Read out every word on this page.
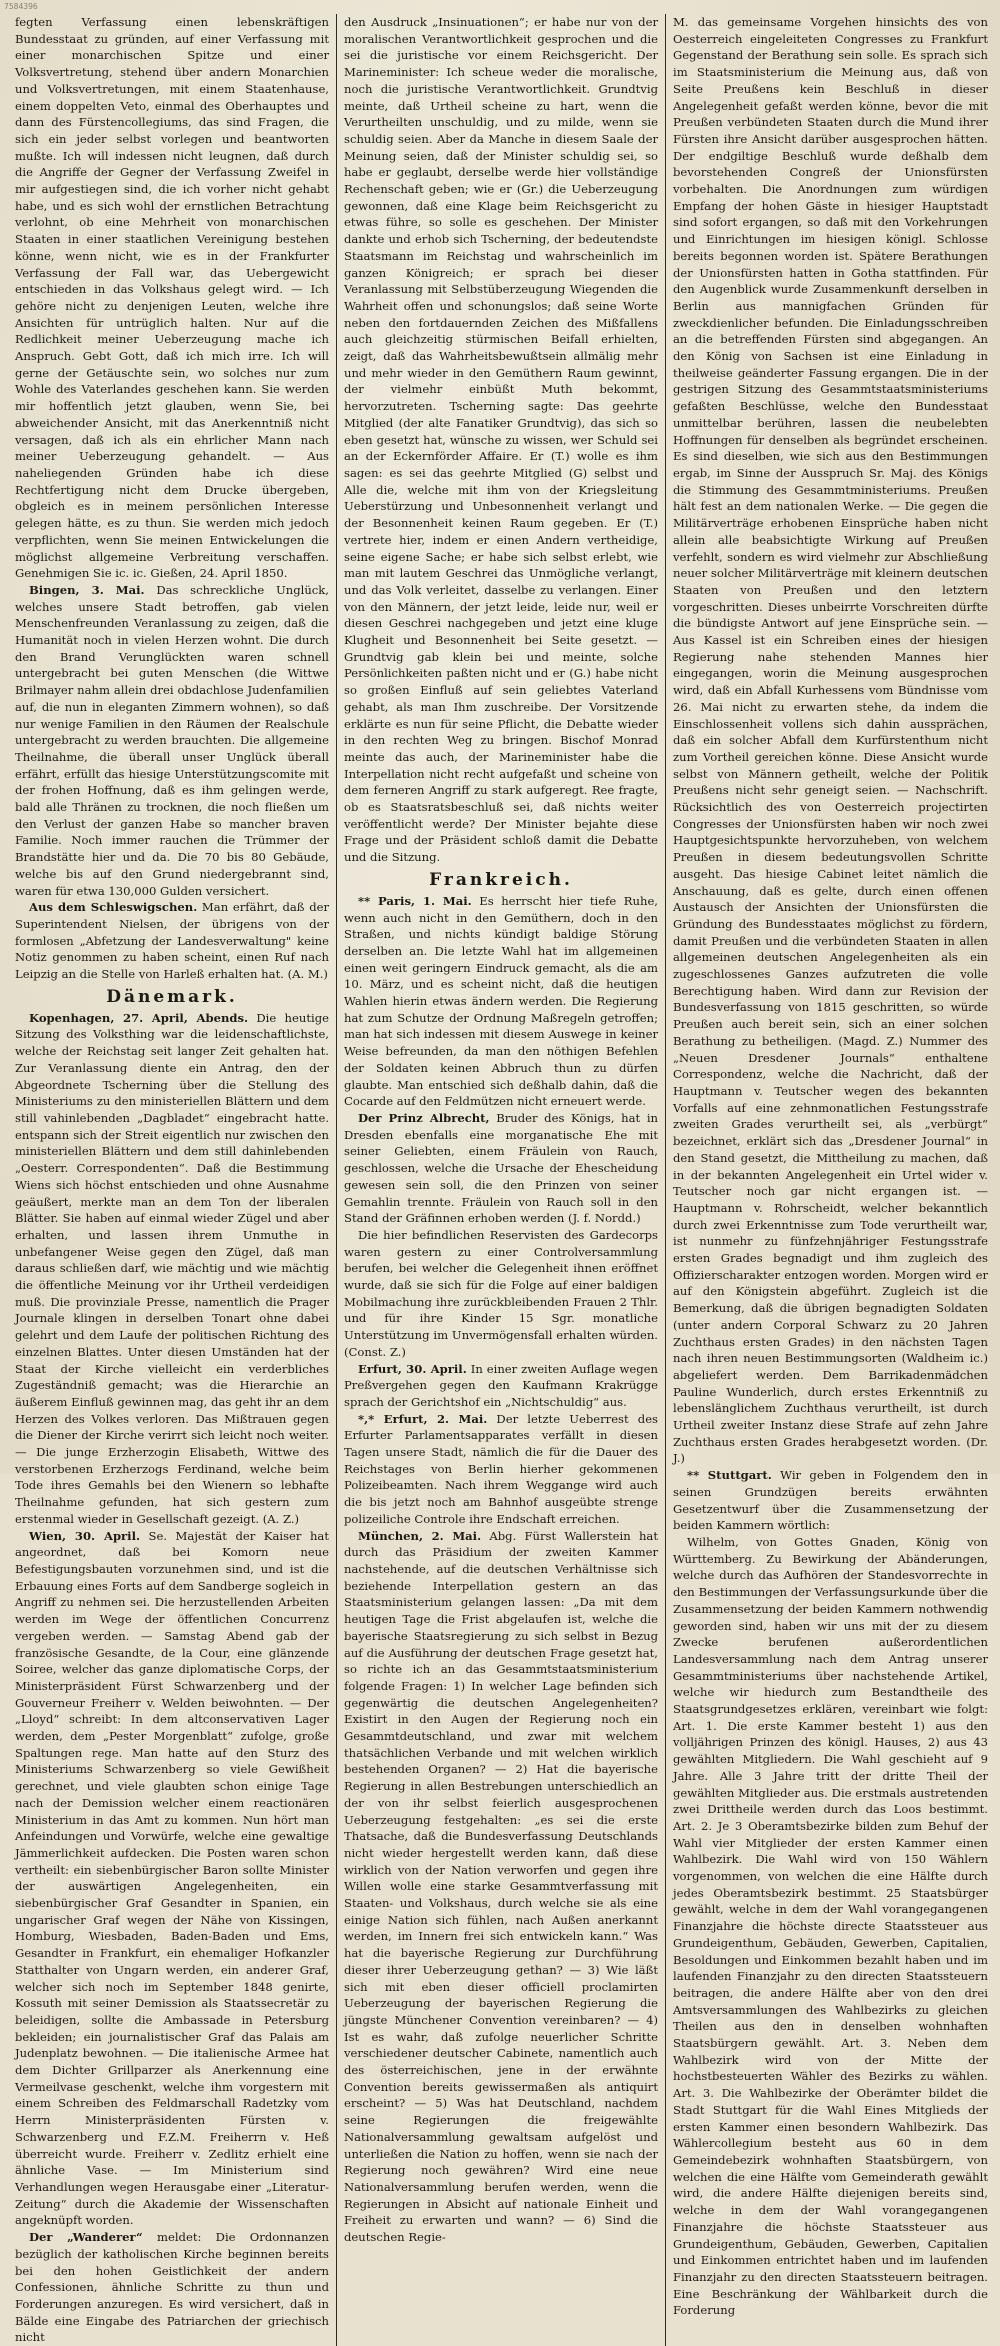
7584396

fegten Verfassung einen lebenskräftigen Bundesstaat zu gründen, auf einer Verfassung mit einer monarchischen Spitze und einer Volksvertretung, stehend über andern Monarchien und Volksvertretungen, mit einem Staatenhause, einem doppelten Veto, einmal des Oberhauptes und dann des Fürstencollegiums, das sind Fragen, die sich ein jeder selbst vorlegen und beantworten mußte. Ich will indessen nicht leugnen, daß durch die Angriffe der Gegner der Verfassung Zweifel in mir aufgestiegen sind, die ich vorher nicht gehabt habe, und es sich wohl der ernstlichen Betrachtung verlohnt, ob eine Mehrheit von monarchischen Staaten in einer staatlichen Vereinigung bestehen könne, wenn nicht, wie es in der Frankfurter Verfassung der Fall war, das Uebergewicht entschieden in das Volkshaus gelegt wird. — Ich gehöre nicht zu denjenigen Leuten, welche ihre Ansichten für untrüglich halten. Nur auf die Redlichkeit meiner Ueberzeugung mache ich Anspruch. Gebt Gott, daß ich mich irre. Ich will gerne der Getäuschte sein, wo solches nur zum Wohle des Vaterlandes geschehen kann. Sie werden mir hoffentlich jetzt glauben, wenn Sie, bei abweichender Ansicht, mit das Anerkenntniß nicht versagen, daß ich als ein ehrlicher Mann nach meiner Ueberzeugung gehandelt. — Aus naheliegenden Gründen habe ich diese Rechtfertigung nicht dem Drucke übergeben, obgleich es in meinem persönlichen Interesse gelegen hätte, es zu thun. Sie werden mich jedoch verpflichten, wenn Sie meinen Entwickelungen die möglichst allgemeine Verbreitung verschaffen. Genehmigen Sie ic. ic. Gießen, 24. April 1850.

Bingen, 3. Mai. Das schreckliche Unglück, welches unsere Stadt betroffen, gab vielen Menschenfreunden Veranlassung zu zeigen, daß die Humanität noch in vielen Herzen wohnt. Die durch den Brand Verunglückten waren schnell untergebracht bei guten Menschen (die Wittwe Brilmayer nahm allein drei obdachlose Judenfamilien auf, die nun in eleganten Zimmern wohnen), so daß nur wenige Familien in den Räumen der Realschule untergebracht zu werden brauchten. Die allgemeine Theilnahme, die überall unser Unglück überall erfährt, erfüllt das hiesige Unterstützungscomite mit der frohen Hoffnung, daß es ihm gelingen werde, bald alle Thränen zu trocknen, die noch fließen um den Verlust der ganzen Habe so mancher braven Familie. Noch immer rauchen die Trümmer der Brandstätte hier und da. Die 70 bis 80 Gebäude, welche bis auf den Grund niedergebrannt sind, waren für etwa 130,000 Gulden versichert.

Aus dem Schleswigschen. Man erfährt, daß der Superintendent Nielsen, der übrigens von der formlosen „Abfetzung der Landesverwaltung" keine Notiz genommen zu haben scheint, einen Ruf nach Leipzig an die Stelle von Harleß erhalten hat. (A. M.)

Dänemark.

Kopenhagen, 27. April, Abends. Die heutige Sitzung des Volksthing war die leidenschaftlichste, welche der Reichstag seit langer Zeit gehalten hat. Zur Veranlassung diente ein Antrag, den der Abgeordnete Tscherning über die Stellung des Ministeriums zu den ministeriellen Blättern und dem still vahinlebenden „Dagbladet“ eingebracht hatte. entspann sich der Streit eigentlich nur zwischen den ministeriellen Blättern und dem still dahinlebenden „Oesterr. Correspondenten“. Daß die Bestimmung Wiens sich höchst entschieden und ohne Ausnahme geäußert, merkte man an dem Ton der liberalen Blätter. Sie haben auf einmal wieder Zügel und aber erhalten, und lassen ihrem Unmuthe in unbefangener Weise gegen den Zügel, daß man daraus schließen darf, wie mächtig und wie mächtig die öffentliche Meinung vor ihr Urtheil verdeidigen muß. Die provinziale Presse, namentlich die Prager Journale klingen in derselben Tonart ohne dabei gelehrt und dem Laufe der politischen Richtung des einzelnen Blattes. Unter diesen Umständen hat der Staat der Kirche vielleicht ein verderbliches Zugeständniß gemacht; was die Hierarchie an äußerem Einfluß gewinnen mag, das geht ihr an dem Herzen des Volkes verloren. Das Mißtrauen gegen die Diener der Kirche verirrt sich leicht noch weiter. — Die junge Erzherzogin Elisabeth, Wittwe des verstorbenen Erzherzogs Ferdinand, welche beim Tode ihres Gemahls bei den Wienern so lebhafte Theilnahme gefunden, hat sich gestern zum erstenmal wieder in Gesellschaft gezeigt. (A. Z.)

Wien, 30. April. Se. Majestät der Kaiser hat angeordnet, daß bei Komorn neue Befestigungsbauten vorzunehmen sind, und ist die Erbauung eines Forts auf dem Sandberge sogleich in Angriff zu nehmen sei. Die herzustellenden Arbeiten werden im Wege der öffentlichen Concurrenz vergeben werden. — Samstag Abend gab der französische Gesandte, de la Cour, eine glänzende Soiree, welcher das ganze diplomatische Corps, der Ministerpräsident Fürst Schwarzenberg und der Gouverneur Freiherr v. Welden beiwohnten. — Der „Lloyd“ schreibt: In dem altconservativen Lager werden, dem „Pester Morgenblatt“ zufolge, große Spaltungen rege. Man hatte auf den Sturz des Ministeriums Schwarzenberg so viele Gewißheit gerechnet, und viele glaubten schon einige Tage nach der Demission welcher einem reactionären Ministerium in das Amt zu kommen. Nun hört man Anfeindungen und Vorwürfe, welche eine gewaltige Jämmerlichkeit aufdecken. Die Posten waren schon vertheilt: ein siebenbürgischer Baron sollte Minister der auswärtigen Angelegenheiten, ein siebenbürgischer Graf Gesandter in Spanien, ein ungarischer Graf wegen der Nähe von Kissingen, Homburg, Wiesbaden, Baden-Baden und Ems, Gesandter in Frankfurt, ein ehemaliger Hofkanzler Statthalter von Ungarn werden, ein anderer Graf, welcher sich noch im September 1848 genirte, Kossuth mit seiner Demission als Staatssecretär zu beleidigen, sollte die Ambassade in Petersburg bekleiden; ein journalistischer Graf das Palais am Judenplatz bewohnen. — Die italienische Armee hat dem Dichter Grillparzer als Anerkennung eine Vermeilvase geschenkt, welche ihm vorgestern mit einem Schreiben des Feldmarschall Radetzky vom Herrn Ministerpräsidenten Fürsten v. Schwarzenberg und F.Z.M. Freiherrn v. Heß überreicht wurde. Freiherr v. Zedlitz erhielt eine ähnliche Vase. — Im Ministerium sind Verhandlungen wegen Herausgabe einer „Literatur-Zeitung“ durch die Akademie der Wissenschaften angeknüpft worden.

Der „Wanderer“ meldet: Die Ordonnanzen bezüglich der katholischen Kirche beginnen bereits bei den hohen Geistlichkeit der andern Confessionen, ähnliche Schritte zu thun und Forderungen anzuregen. Es wird versichert, daß in Bälde eine Eingabe des Patriarchen der griechisch nicht

den Ausdruck „Insinuationen“; er habe nur von der moralischen Verantwortlichkeit gesprochen und die sei die juristische vor einem Reichsgericht. Der Marineminister: Ich scheue weder die moralische, noch die juristische Verantwortlichkeit. Grundtvig meinte, daß Urtheil scheine zu hart, wenn die Verurtheilten unschuldig, und zu milde, wenn sie schuldig seien. Aber da Manche in diesem Saale der Meinung seien, daß der Minister schuldig sei, so habe er geglaubt, derselbe werde hier vollständige Rechenschaft geben; wie er (Gr.) die Ueberzeugung gewonnen, daß eine Klage beim Reichsgericht zu etwas führe, so solle es geschehen. Der Minister dankte und erhob sich Tscherning, der bedeutendste Staatsmann im Reichstag und wahrscheinlich im ganzen Königreich; er sprach bei dieser Veranlassung mit Selbstüberzeugung Wiegenden die Wahrheit offen und schonungslos; daß seine Worte neben den fortdauernden Zeichen des Mißfallens auch gleichzeitig stürmischen Beifall erhielten, zeigt, daß das Wahrheitsbewußtsein allmälig mehr und mehr wieder in den Gemüthern Raum gewinnt, der vielmehr einbüßt Muth bekommt, hervorzutreten. Tscherning sagte: Das geehrte Mitglied (der alte Fanatiker Grundtvig), das sich so eben gesetzt hat, wünsche zu wissen, wer Schuld sei an der Eckernförder Affaire. Er (T.) wolle es ihm sagen: es sei das geehrte Mitglied (G) selbst und Alle die, welche mit ihm von der Kriegsleitung Ueberstürzung und Unbesonnenheit verlangt und der Besonnenheit keinen Raum gegeben. Er (T.) vertrete hier, indem er einen Andern vertheidige, seine eigene Sache; er habe sich selbst erlebt, wie man mit lautem Geschrei das Unmögliche verlangt, und das Volk verleitet, dasselbe zu verlangen. Einer von den Männern, der jetzt leide, leide nur, weil er diesen Geschrei nachgegeben und jetzt eine kluge Klugheit und Besonnenheit bei Seite gesetzt. — Grundtvig gab klein bei und meinte, solche Persönlichkeiten paßten nicht und er (G.) habe nicht so großen Einfluß auf sein geliebtes Vaterland gehabt, als man Ihm zuschreibe. Der Vorsitzende erklärte es nun für seine Pflicht, die Debatte wieder in den rechten Weg zu bringen. Bischof Monrad meinte das auch, der Marineminister habe die Interpellation nicht recht aufgefaßt und scheine von dem ferneren Angriff zu stark aufgeregt. Ree fragte, ob es Staatsratsbeschluß sei, daß nichts weiter veröffentlicht werde? Der Minister bejahte diese Frage und der Präsident schloß damit die Debatte und die Sitzung.

Frankreich.

** Paris, 1. Mai. Es herrscht hier tiefe Ruhe, wenn auch nicht in den Gemüthern, doch in den Straßen, und nichts kündigt baldige Störung derselben an. Die letzte Wahl hat im allgemeinen einen weit geringern Eindruck gemacht, als die am 10. März, und es scheint nicht, daß die heutigen Wahlen hierin etwas ändern werden. Die Regierung hat zum Schutze der Ordnung Maßregeln getroffen; man hat sich indessen mit diesem Auswege in keiner Weise befreunden, da man den nöthigen Befehlen der Soldaten keinen Abbruch thun zu dürfen glaubte. Man entschied sich deßhalb dahin, daß die Cocarde auf den Feldmützen nicht erneuert werde.

Der Prinz Albrecht, Bruder des Königs, hat in Dresden ebenfalls eine morganatische Ehe mit seiner Geliebten, einem Fräulein von Rauch, geschlossen, welche die Ursache der Ehescheidung gewesen sein soll, die den Prinzen von seiner Gemahlin trennte. Fräulein von Rauch soll in den Stand der Gräfinnen erhoben werden (J. f. Nordd.)

Die hier befindlichen Reservisten des Gardecorps waren gestern zu einer Controlversammlung berufen, bei welcher die Gelegenheit ihnen eröffnet wurde, daß sie sich für die Folge auf einer baldigen Mobilmachung ihre zurückbleibenden Frauen 2 Thlr. und für ihre Kinder 15 Sgr. monatliche Unterstützung im Unvermögensfall erhalten würden. (Const. Z.)

Erfurt, 30. April. In einer zweiten Auflage wegen Preßvergehen gegen den Kaufmann Krakrügge sprach der Gerichtshof ein „Nichtschuldig“ aus.

*,* Erfurt, 2. Mai. Der letzte Ueberrest des Erfurter Parlamentsapparates verfällt in diesen Tagen unsere Stadt, nämlich die für die Dauer des Reichstages von Berlin hierher gekommenen Polizeibeamten. Nach ihrem Weggange wird auch die bis jetzt noch am Bahnhof ausgeübte strenge polizeiliche Controle ihre Endschaft erreichen.

München, 2. Mai. Abg. Fürst Wallerstein hat durch das Präsidium der zweiten Kammer nachstehende, auf die deutschen Verhältnisse sich beziehende Interpellation gestern an das Staatsministerium gelangen lassen: „Da mit dem heutigen Tage die Frist abgelaufen ist, welche die bayerische Staatsregierung zu sich selbst in Bezug auf die Ausführung der deutschen Frage gesetzt hat, so richte ich an das Gesammtstaatsministerium folgende Fragen: 1) In welcher Lage befinden sich gegenwärtig die deutschen Angelegenheiten? Existirt in den Augen der Regierung noch ein Gesammtdeutschland, und zwar mit welchem thatsächlichen Verbande und mit welchen wirklich bestehenden Organen? — 2) Hat die bayerische Regierung in allen Bestrebungen unterschiedlich an der von ihr selbst feierlich ausgesprochenen Ueberzeugung festgehalten: „es sei die erste Thatsache, daß die Bundesverfassung Deutschlands nicht wieder hergestellt werden kann, daß diese wirklich von der Nation verworfen und gegen ihre Willen wolle eine starke Gesammtverfassung mit Staaten- und Volkshaus, durch welche sie als eine einige Nation sich fühlen, nach Außen anerkannt werden, im Innern frei sich entwickeln kann.“ Was hat die bayerische Regierung zur Durchführung dieser ihrer Ueberzeugung gethan? — 3) Wie läßt sich mit eben dieser officiell proclamirten Ueberzeugung der bayerischen Regierung die jüngste Münchener Convention vereinbaren? — 4) Ist es wahr, daß zufolge neuerlicher Schritte verschiedener deutscher Cabinete, namentlich auch des österreichischen, jene in der erwähnte Convention bereits gewissermaßen als antiquirt erscheint? — 5) Was hat Deutschland, nachdem seine Regierungen die freigewählte Nationalversammlung gewaltsam aufgelöst und unterließen die Nation zu hoffen, wenn sie nach der Regierung noch gewähren? Wird eine neue Nationalversammlung berufen werden, wenn die Regierungen in Absicht auf nationale Einheit und Freiheit zu erwarten und wann? — 6) Sind die deutschen Regie-

M. das gemeinsame Vorgehen hinsichts des von Oesterreich eingeleiteten Congresses zu Frankfurt Gegenstand der Berathung sein solle. Es sprach sich im Staatsministerium die Meinung aus, daß von Seite Preußens kein Beschluß in dieser Angelegenheit gefaßt werden könne, bevor die mit Preußen verbündeten Staaten durch die Mund ihrer Fürsten ihre Ansicht darüber ausgesprochen hätten. Der endgiltige Beschluß wurde deßhalb dem bevorstehenden Congreß der Unionsfürsten vorbehalten. Die Anordnungen zum würdigen Empfang der hohen Gäste in hiesiger Hauptstadt sind sofort ergangen, so daß mit den Vorkehrungen und Einrichtungen im hiesigen königl. Schlosse bereits begonnen worden ist. Spätere Berathungen der Unionsfürsten hatten in Gotha stattfinden. Für den Augenblick wurde Zusammenkunft derselben in Berlin aus mannigfachen Gründen für zweckdienlicher befunden. Die Einladungsschreiben an die betreffenden Fürsten sind abgegangen. An den König von Sachsen ist eine Einladung in theilweise geänderter Fassung ergangen. Die in der gestrigen Sitzung des Gesammtstaatsministeriums gefaßten Beschlüsse, welche den Bundesstaat unmittelbar berühren, lassen die neubelebten Hoffnungen für denselben als begründet erscheinen. Es sind dieselben, wie sich aus den Bestimmungen ergab, im Sinne der Ausspruch Sr. Maj. des Königs die Stimmung des Gesammtministeriums. Preußen hält fest an dem nationalen Werke. — Die gegen die Militärverträge erhobenen Einsprüche haben nicht allein alle beabsichtigte Wirkung auf Preußen verfehlt, sondern es wird vielmehr zur Abschließung neuer solcher Militärverträge mit kleinern deutschen Staaten von Preußen und den letztern vorgeschritten. Dieses unbeirrte Vorschreiten dürfte die bündigste Antwort auf jene Einsprüche sein. — Aus Kassel ist ein Schreiben eines der hiesigen Regierung nahe stehenden Mannes hier eingegangen, worin die Meinung ausgesprochen wird, daß ein Abfall Kurhessens vom Bündnisse vom 26. Mai nicht zu erwarten stehe, da indem die Einschlossenheit vollens sich dahin aussprächen, daß ein solcher Abfall dem Kurfürstenthum nicht zum Vortheil gereichen könne. Diese Ansicht wurde selbst von Männern getheilt, welche der Politik Preußens nicht sehr geneigt seien. — Nachschrift. Rücksichtlich des von Oesterreich projectirten Congresses der Unionsfürsten haben wir noch zwei Hauptgesichtspunkte hervorzuheben, von welchem Preußen in diesem bedeutungsvollen Schritte ausgeht. Das hiesige Cabinet leitet nämlich die Anschauung, daß es gelte, durch einen offenen Austausch der Ansichten der Unionsfürsten die Gründung des Bundesstaates möglichst zu fördern, damit Preußen und die verbündeten Staaten in allen allgemeinen deutschen Angelegenheiten als ein zugeschlossenes Ganzes aufzutreten die volle Berechtigung haben. Wird dann zur Revision der Bundesverfassung von 1815 geschritten, so würde Preußen auch bereit sein, sich an einer solchen Berathung zu betheiligen. (Magd. Z.) Nummer des „Neuen Dresdener Journals“ enthaltene Correspondenz, welche die Nachricht, daß der Hauptmann v. Teutscher wegen des bekannten Vorfalls auf eine zehnmonatlichen Festungsstrafe zweiten Grades verurtheilt sei, als „verbürgt“ bezeichnet, erklärt sich das „Dresdener Journal“ in den Stand gesetzt, die Mittheilung zu machen, daß in der bekannten Angelegenheit ein Urtel wider v. Teutscher noch gar nicht ergangen ist. — Hauptmann v. Rohrscheidt, welcher bekanntlich durch zwei Erkenntnisse zum Tode verurtheilt war, ist nunmehr zu fünfzehnjähriger Festungsstrafe ersten Grades begnadigt und ihm zugleich des Offizierscharakter entzogen worden. Morgen wird er auf den Königstein abgeführt. Zugleich ist die Bemerkung, daß die übrigen begnadigten Soldaten (unter andern Corporal Schwarz zu 20 Jahren Zuchthaus ersten Grades) in den nächsten Tagen nach ihren neuen Bestimmungsorten (Waldheim ic.) abgeliefert werden. Dem Barrikadenmädchen Pauline Wunderlich, durch erstes Erkenntniß zu lebenslänglichem Zuchthaus verurtheilt, ist durch Urtheil zweiter Instanz diese Strafe auf zehn Jahre Zuchthaus ersten Grades herabgesetzt worden. (Dr. J.)

** Stuttgart. Wir geben in Folgendem den in seinen Grundzügen bereits erwähnten Gesetzentwurf über die Zusammensetzung der beiden Kammern wörtlich:

Wilhelm, von Gottes Gnaden, König von Württemberg. Zu Bewirkung der Abänderungen, welche durch das Aufhören der Standesvorrechte in den Bestimmungen der Verfassungsurkunde über die Zusammensetzung der beiden Kammern nothwendig geworden sind, haben wir uns mit der zu diesem Zwecke berufenen außerordentlichen Landesversammlung nach dem Antrag unserer Gesammtministeriums über nachstehende Artikel, welche wir hiedurch zum Bestandtheile des Staatsgrundgesetzes erklären, vereinbart wie folgt: Art. 1. Die erste Kammer besteht 1) aus den volljährigen Prinzen des königl. Hauses, 2) aus 43 gewählten Mitgliedern. Die Wahl geschieht auf 9 Jahre. Alle 3 Jahre tritt der dritte Theil der gewählten Mitglieder aus. Die erstmals austretenden zwei Drittheile werden durch das Loos bestimmt. Art. 2. Je 3 Oberamtsbezirke bilden zum Behuf der Wahl vier Mitglieder der ersten Kammer einen Wahlbezirk. Die Wahl wird von 150 Wählern vorgenommen, von welchen die eine Hälfte durch jedes Oberamtsbezirk bestimmt. 25 Staatsbürger gewählt, welche in dem der Wahl vorangegangenen Finanzjahre die höchste directe Staatssteuer aus Grundeigenthum, Gebäuden, Gewerben, Capitalien, Besoldungen und Einkommen bezahlt haben und im laufenden Finanzjahr zu den directen Staatssteuern beitragen, die andere Hälfte aber von den drei Amtsversammlungen des Wahlbezirks zu gleichen Theilen aus den in denselben wohnhaften Staatsbürgern gewählt. Art. 3. Neben dem Wahlbezirk wird von der Mitte der hochstbesteuerten Wähler des Bezirks zu wählen. Art. 3. Die Wahlbezirke der Oberämter bildet die Stadt Stuttgart für die Wahl Eines Mitglieds der ersten Kammer einen besondern Wahlbezirk. Das Wählercollegium besteht aus 60 in dem Gemeindebezirk wohnhaften Staatsbürgern, von welchen die eine Hälfte vom Gemeinderath gewählt wird, die andere Hälfte diejenigen bereits sind, welche in dem der Wahl vorangegangenen Finanzjahre die höchste Staatssteuer aus Grundeigenthum, Gebäuden, Gewerben, Capitalien und Einkommen entrichtet haben und im laufenden Finanzjahr zu den directen Staatssteuern beitragen. Eine Beschränkung der Wählbarkeit durch die Forderung
